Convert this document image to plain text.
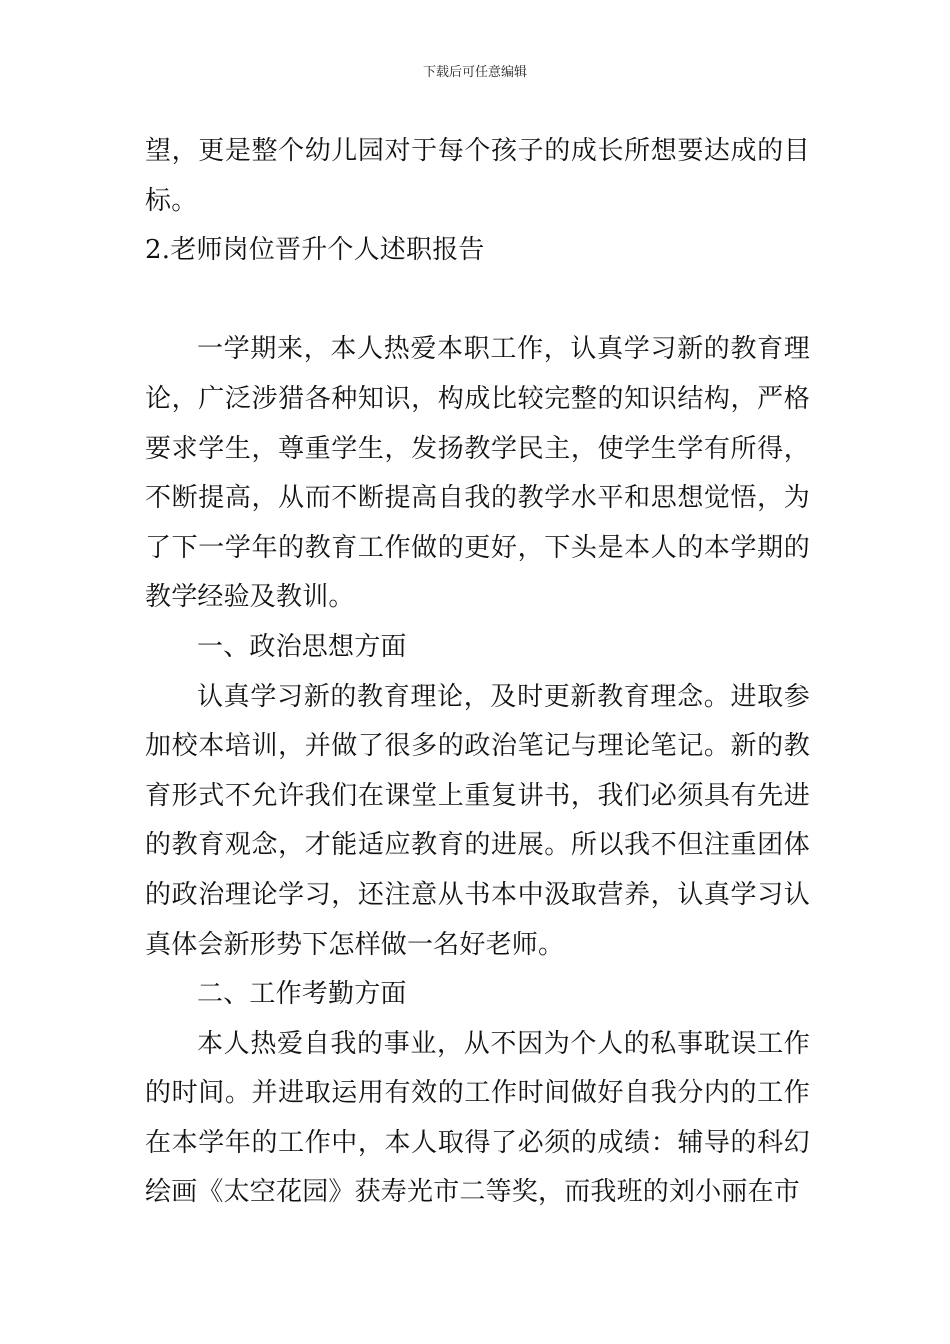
下载后可任意编辑

望，更是整个幼儿园对于每个孩子的成长所想要达成的目标。

2.老师岗位晋升个人述职报告

一学期来，本人热爱本职工作，认真学习新的教育理论，广泛涉猎各种知识，构成比较完整的知识结构，严格要求学生，尊重学生，发扬教学民主，使学生学有所得，不断提高，从而不断提高自我的教学水平和思想觉悟，为了下一学年的教育工作做的更好，下头是本人的本学期的教学经验及教训。

一、政治思想方面

认真学习新的教育理论，及时更新教育理念。进取参加校本培训，并做了很多的政治笔记与理论笔记。新的教育形式不允许我们在课堂上重复讲书，我们必须具有先进的教育观念，才能适应教育的进展。所以我不但注重团体的政治理论学习，还注意从书本中汲取营养，认真学习认真体会新形势下怎样做一名好老师。

二、工作考勤方面

本人热爱自我的事业，从不因为个人的私事耽误工作的时间。并进取运用有效的工作时间做好自我分内的工作在本学年的工作中，本人取得了必须的成绩：辅导的科幻绘画《太空花园》获寿光市二等奖，而我班的刘小丽在市
